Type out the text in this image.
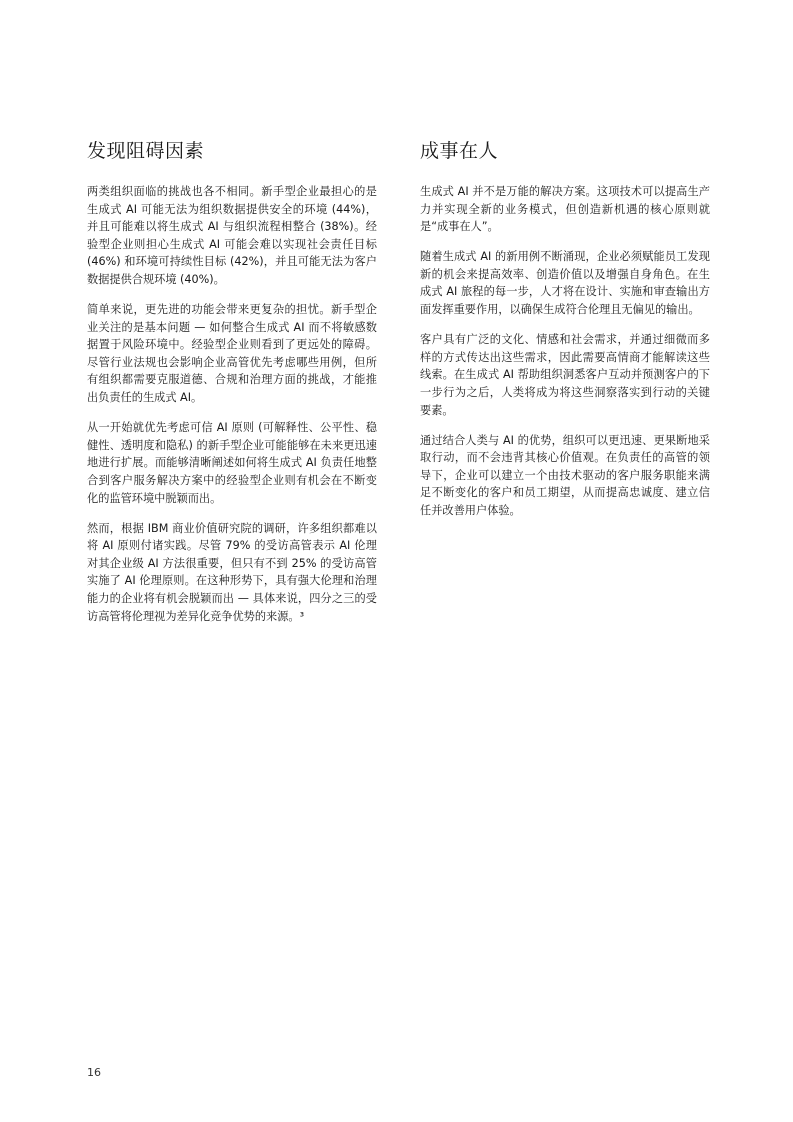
发现阻碍因素

两类组织面临的挑战也各不相同。新手型企业最担心的是生成式 AI 可能无法为组织数据提供安全的环境 (44%)，并且可能难以将生成式 AI 与组织流程相整合 (38%)。经验型企业则担心生成式 AI 可能会难以实现社会责任目标 (46%) 和环境可持续性目标 (42%)，并且可能无法为客户数据提供合规环境 (40%)。

简单来说，更先进的功能会带来更复杂的担忧。新手型企业关注的是基本问题 — 如何整合生成式 AI 而不将敏感数据置于风险环境中。经验型企业则看到了更远处的障碍。尽管行业法规也会影响企业高管优先考虑哪些用例，但所有组织都需要克服道德、合规和治理方面的挑战，才能推出负责任的生成式 AI。

从一开始就优先考虑可信 AI 原则 (可解释性、公平性、稳健性、透明度和隐私) 的新手型企业可能能够在未来更迅速地进行扩展。而能够清晰阐述如何将生成式 AI 负责任地整合到客户服务解决方案中的经验型企业则有机会在不断变化的监管环境中脱颖而出。

然而，根据 IBM 商业价值研究院的调研，许多组织都难以将 AI 原则付诸实践。尽管 79% 的受访高管表示 AI 伦理对其企业级 AI 方法很重要，但只有不到 25% 的受访高管实施了 AI 伦理原则。在这种形势下，具有强大伦理和治理能力的企业将有机会脱颖而出 — 具体来说，四分之三的受访高管将伦理视为差异化竞争优势的来源。³

成事在人

生成式 AI 并不是万能的解决方案。这项技术可以提高生产力并实现全新的业务模式，但创造新机遇的核心原则就是“成事在人”。

随着生成式 AI 的新用例不断涌现，企业必须赋能员工发现新的机会来提高效率、创造价值以及增强自身角色。在生成式 AI 旅程的每一步，人才将在设计、实施和审查输出方面发挥重要作用，以确保生成符合伦理且无偏见的输出。

客户具有广泛的文化、情感和社会需求，并通过细微而多样的方式传达出这些需求，因此需要高情商才能解读这些线索。在生成式 AI 帮助组织洞悉客户互动并预测客户的下一步行为之后，人类将成为将这些洞察落实到行动的关键要素。

通过结合人类与 AI 的优势，组织可以更迅速、更果断地采取行动，而不会违背其核心价值观。在负责任的高管的领导下，企业可以建立一个由技术驱动的客户服务职能来满足不断变化的客户和员工期望，从而提高忠诚度、建立信任并改善用户体验。

16
